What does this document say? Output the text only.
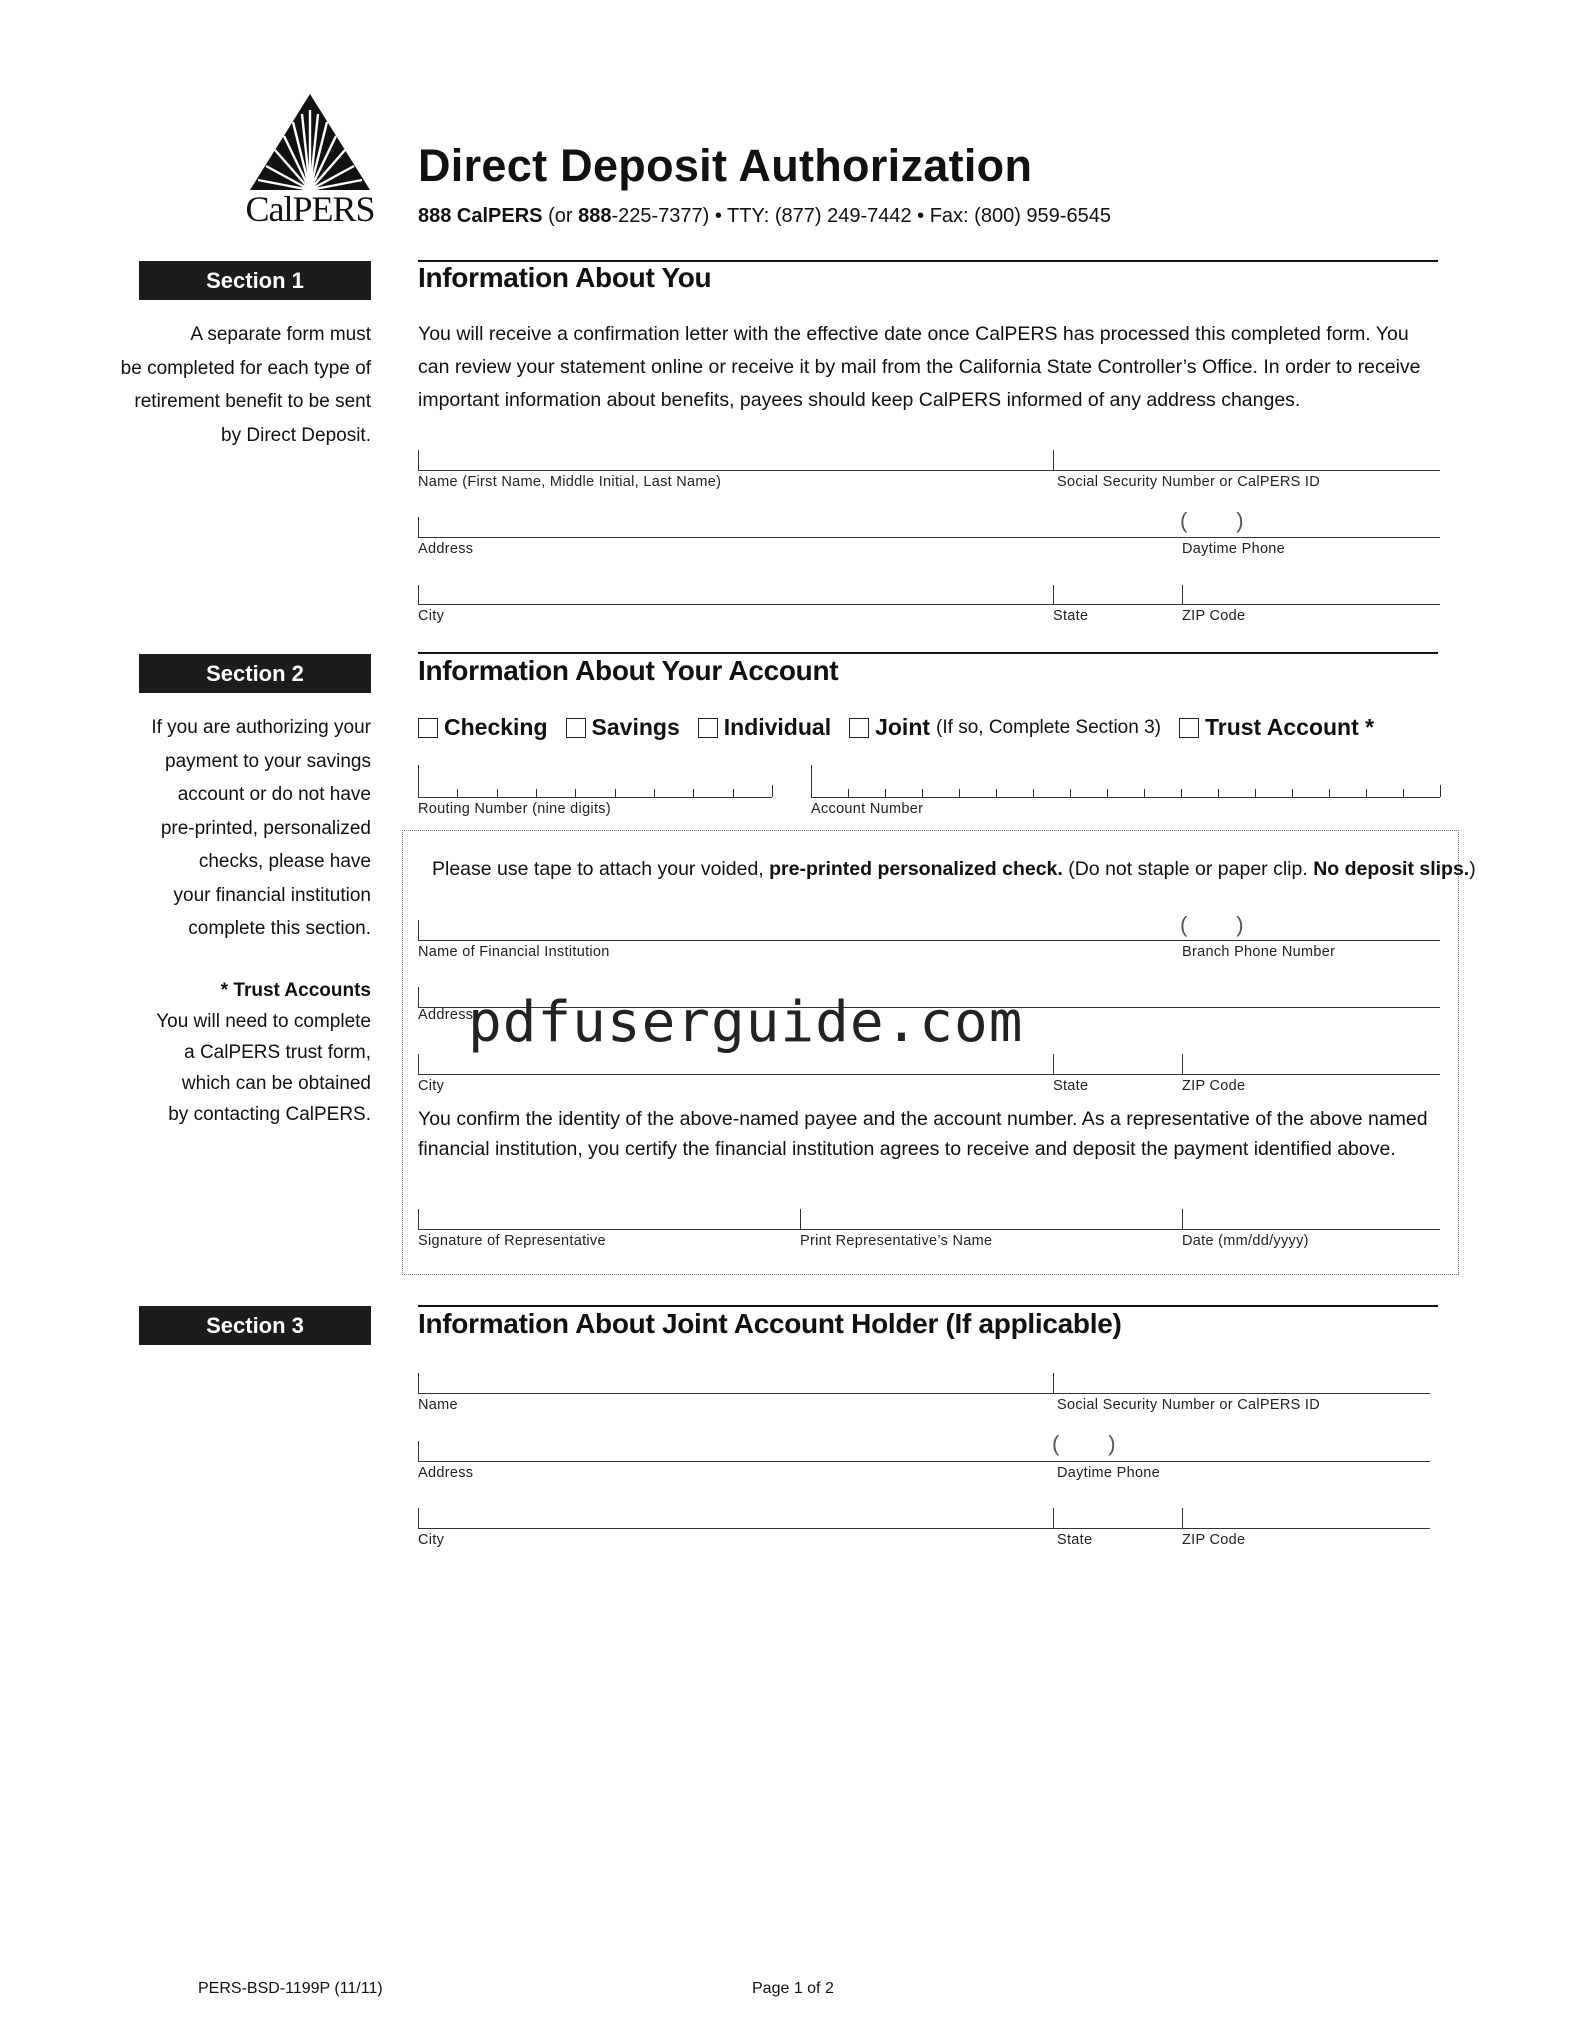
CalPERS
Direct Deposit Authorization
888 CalPERS (or 888-225-7377) • TTY: (877) 249-7442 • Fax: (800) 959-6545
Section 1	Information About You
A separate form must
be completed for each type of
retirement benefit to be sent
by Direct Deposit.
You will receive a confirmation letter with the effective date once CalPERS has processed this completed form. You
can review your statement online or receive it by mail from the California State Controller’s Office. In order to receive
important information about benefits, payees should keep CalPERS informed of any address changes.
Name (First Name, Middle Initial, Last Name)	Social Security Number or CalPERS ID
(        )
Address	Daytime Phone
City	State	ZIP Code
Section 2	Information About Your Account
If you are authorizing your
payment to your savings
account or do not have
pre-printed, personalized
checks, please have
your financial institution
complete this section.
* Trust Accounts
You will need to complete
a CalPERS trust form,
which can be obtained
by contacting CalPERS.
Checking Savings Individual Joint (If so, Complete Section 3) Trust Account *
Routing Number (nine digits)	Account Number
Please use tape to attach your voided, pre-printed personalized check. (Do not staple or paper clip. No deposit slips.)
(        )
Name of Financial Institution	Branch Phone Number
Address
pdfuserguide.com
City	State	ZIP Code
You confirm the identity of the above-named payee and the account number. As a representative of the above named
financial institution, you certify the financial institution agrees to receive and deposit the payment identified above.
Signature of Representative	Print Representative’s Name	Date (mm/dd/yyyy)
Section 3	Information About Joint Account Holder (If applicable)
Name	Social Security Number or CalPERS ID
(        )
Address	Daytime Phone
City	State	ZIP Code
PERS-BSD-1199P (11/11)	Page 1 of 2
